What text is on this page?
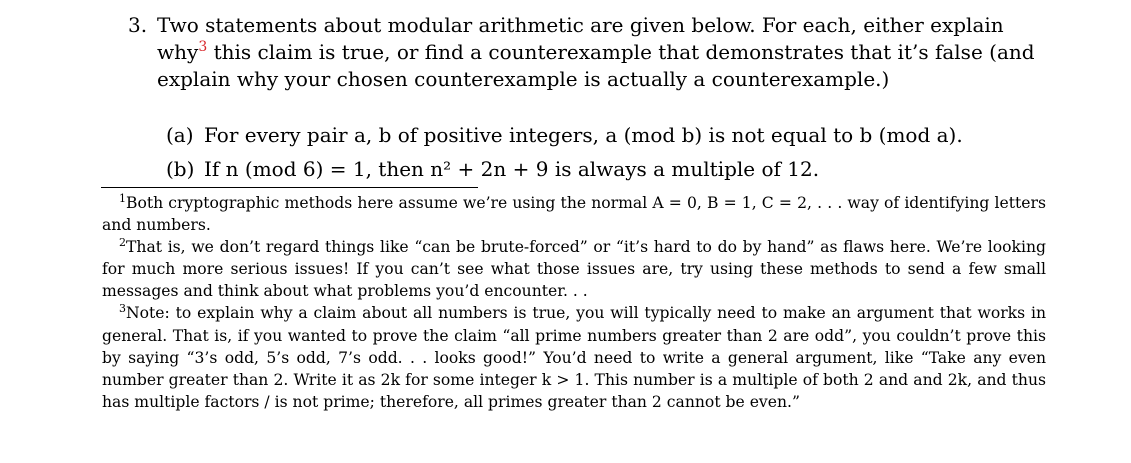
3. Two statements about modular arithmetic are given below. For each, either explain why$^3$ this claim is true, or find a counterexample that demonstrates that it’s false (and explain why your chosen counterexample is actually a counterexample.)
(a) For every pair a, b of positive integers, a (mod b) is not equal to b (mod a).
(b) If n (mod 6) = 1, then n² + 2n + 9 is always a multiple of 12.

$^1$Both cryptographic methods here assume we’re using the normal A = 0, B = 1, C = 2, . . . way of identifying letters and numbers.

$^2$That is, we don’t regard things like “can be brute-forced” or “it’s hard to do by hand” as flaws here. We’re looking for much more serious issues! If you can’t see what those issues are, try using these methods to send a few small messages and think about what problems you’d encounter. . .

$^3$Note: to explain why a claim about all numbers is true, you will typically need to make an argument that works in general. That is, if you wanted to prove the claim “all prime numbers greater than 2 are odd”, you couldn’t prove this by saying “3’s odd, 5’s odd, 7’s odd. . . looks good!” You’d need to write a general argument, like “Take any even number greater than 2. Write it as 2k for some integer k > 1. This number is a multiple of both 2 and and 2k, and thus has multiple factors / is not prime; therefore, all primes greater than 2 cannot be even.”
